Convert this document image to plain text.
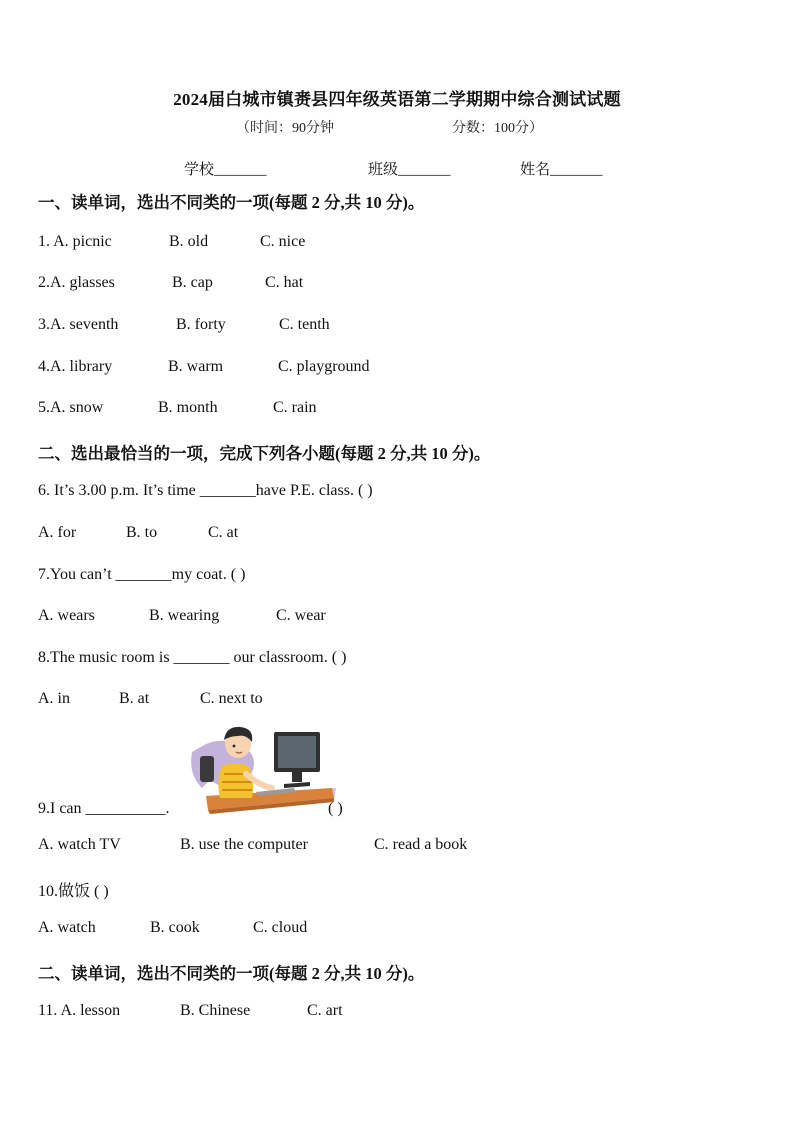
2024届白城市镇赉县四年级英语第二学期期中综合测试试题
（时间：90分钟	分数：100分）
学校_______	班级_______	姓名_______
一、读单词，选出不同类的一项(每题 2 分,共 10 分)。
1. A. picnic	B. old	C. nice
2.A. glasses	B. cap	C. hat
3.A. seventh	B. forty	C. tenth
4.A. library	B. warm	C. playground
5.A. snow	B. month	C. rain
二、选出最恰当的一项，完成下列各小题(每题 2 分,共 10 分)。
6. It’s 3.00 p.m. It’s time _______have P.E. class. ( )
A. for	B. to	C. at
7.You can’t _______my coat. ( )
A. wears	B. wearing	C. wear
8.The music room is _______ our classroom. ( )
A. in	B. at	C. next to
9.I can __________.	( )
A. watch TV	B. use the computer	C. read a book
10.做饭 ( )
A. watch	B. cook	C. cloud
二、读单词，选出不同类的一项(每题 2 分,共 10 分)。
11. A. lesson	B. Chinese	C. art
